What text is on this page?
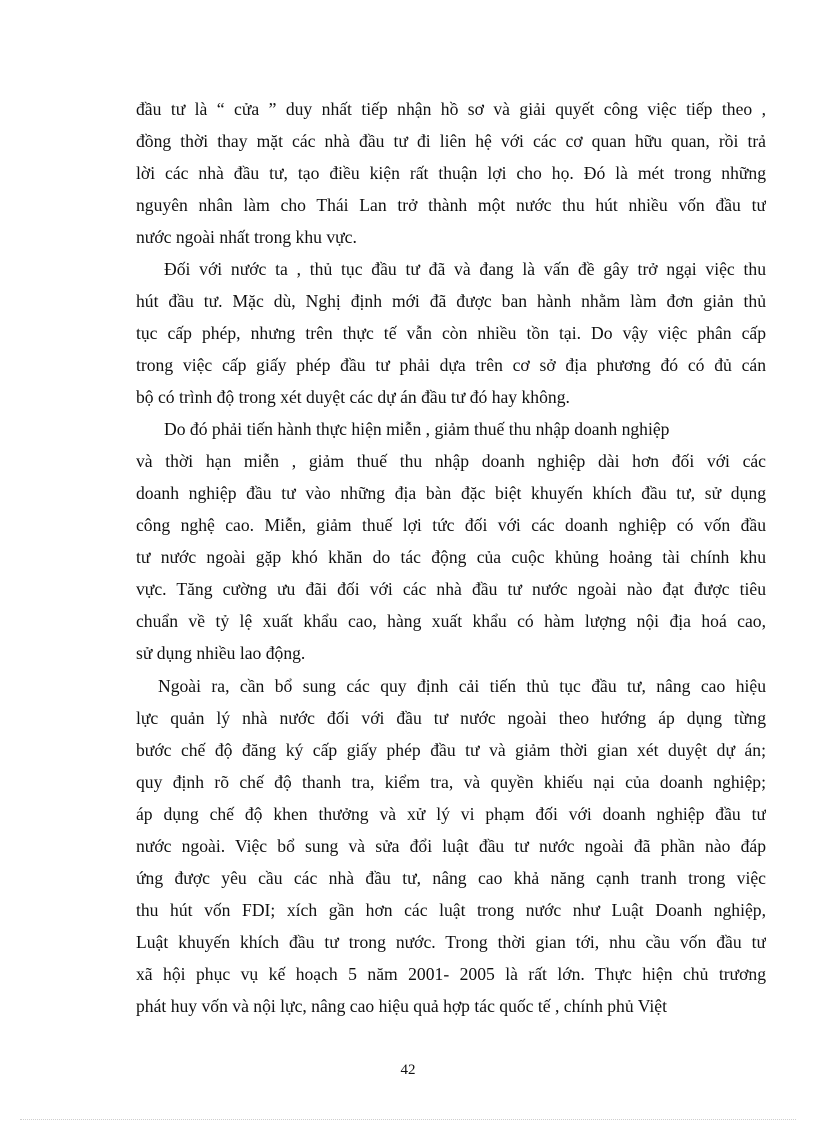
đầu tư là “ cửa ” duy nhất tiếp nhận hồ sơ và giải quyết công việc tiếp theo ,
đồng thời thay mặt các nhà đầu tư đi liên hệ với các cơ quan hữu quan, rồi trả
lời các nhà đầu tư, tạo điều kiện rất thuận lợi cho họ. Đó là mét trong những
nguyên nhân làm cho Thái Lan trở thành một nước thu hút nhiều vốn đầu tư
nước ngoài nhất trong khu vực.
Đối với nước ta , thủ tục đầu tư đã và đang là vấn đề gây trở ngại việc thu
hút đầu tư. Mặc dù, Nghị định mới đã được ban hành nhằm làm đơn giản thủ
tục cấp phép, nhưng trên thực tế vẫn còn nhiều tồn tại. Do vậy việc phân cấp
trong việc cấp giấy phép đầu tư phải dựa trên cơ sở địa phương đó có đủ cán
bộ có trình độ trong xét duyệt các dự án đầu tư đó hay không.
Do đó phải tiến hành thực hiện miễn , giảm thuế thu nhập doanh nghiệp
và thời hạn miễn , giảm thuế thu nhập doanh nghiệp dài hơn đối với các
doanh nghiệp đầu tư vào những địa bàn đặc biệt khuyến khích đầu tư, sử dụng
công nghệ cao. Miễn, giảm thuế lợi tức đối với các doanh nghiệp có vốn đầu
tư nước ngoài gặp khó khăn do tác động của cuộc khủng hoảng tài chính khu
vực. Tăng cường ưu đãi đối với các nhà đầu tư nước ngoài nào đạt được tiêu
chuẩn về tỷ lệ xuất khẩu cao, hàng xuất khẩu có hàm lượng nội địa hoá cao,
sử dụng nhiều lao động.
Ngoài ra, cần bổ sung các quy định cải tiến thủ tục đầu tư, nâng cao hiệu
lực quản lý nhà nước đối với đầu tư nước ngoài theo hướng áp dụng từng
bước chế độ đăng ký cấp giấy phép đầu tư và giảm thời gian xét duyệt dự án;
quy định rõ chế độ thanh tra, kiểm tra, và quyền khiếu nại của doanh nghiệp;
áp dụng chế độ khen thưởng và xử lý vi phạm đối với doanh nghiệp đầu tư
nước ngoài. Việc bổ sung và sửa đổi luật đầu tư nước ngoài đã phần nào đáp
ứng được yêu cầu các nhà đầu tư, nâng cao khả năng cạnh tranh trong việc
thu hút vốn FDI; xích gần hơn các luật trong nước như Luật Doanh nghiệp,
Luật khuyến khích đầu tư trong nước. Trong thời gian tới, nhu cầu vốn đầu tư
xã hội phục vụ kế hoạch 5 năm 2001- 2005 là rất lớn. Thực hiện chủ trương
phát huy vốn và nội lực, nâng cao hiệu quả hợp tác quốc tế , chính phủ Việt
42
